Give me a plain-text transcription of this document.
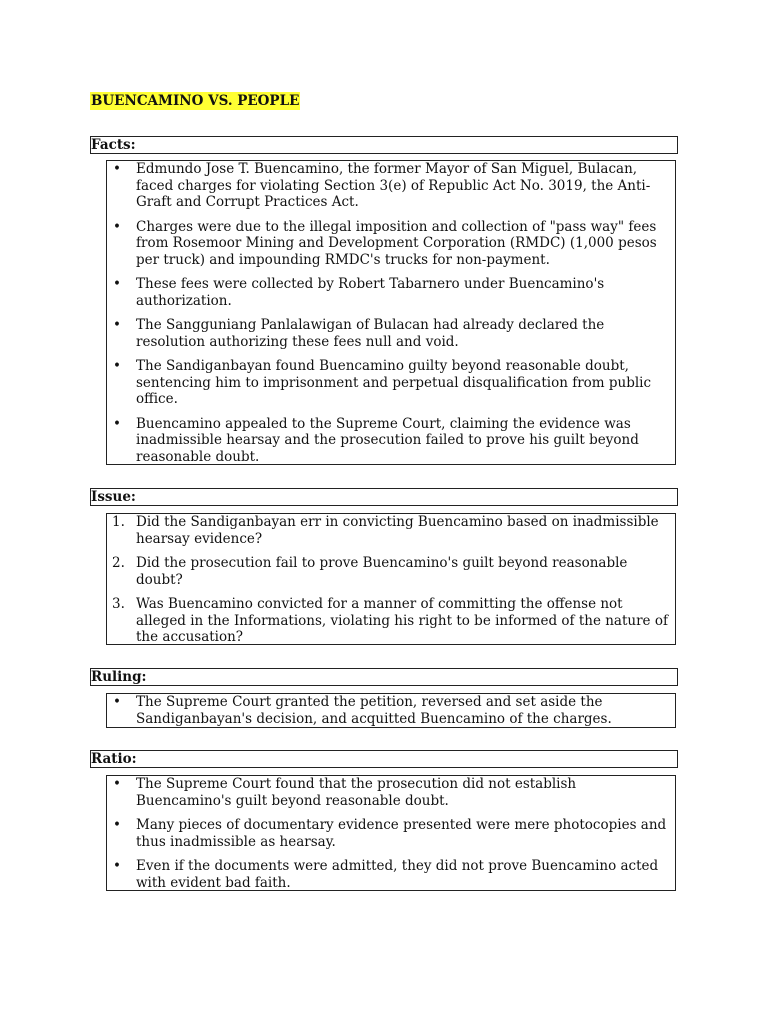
BUENCAMINO VS. PEOPLE
Facts:
•	Edmundo Jose T. Buencamino, the former Mayor of San Miguel, Bulacan, faced charges for violating Section 3(e) of Republic Act No. 3019, the Anti-Graft and Corrupt Practices Act.
•	Charges were due to the illegal imposition and collection of "pass way" fees from Rosemoor Mining and Development Corporation (RMDC) (1,000 pesos per truck) and impounding RMDC's trucks for non-payment.
•	These fees were collected by Robert Tabarnero under Buencamino's authorization.
•	The Sangguniang Panlalawigan of Bulacan had already declared the resolution authorizing these fees null and void.
•	The Sandiganbayan found Buencamino guilty beyond reasonable doubt, sentencing him to imprisonment and perpetual disqualification from public office.
•	Buencamino appealed to the Supreme Court, claiming the evidence was inadmissible hearsay and the prosecution failed to prove his guilt beyond reasonable doubt.
Issue:
1. Did the Sandiganbayan err in convicting Buencamino based on inadmissible hearsay evidence?
2. Did the prosecution fail to prove Buencamino's guilt beyond reasonable doubt?
3. Was Buencamino convicted for a manner of committing the offense not alleged in the Informations, violating his right to be informed of the nature of the accusation?
Ruling:
•	The Supreme Court granted the petition, reversed and set aside the Sandiganbayan's decision, and acquitted Buencamino of the charges.
Ratio:
•	The Supreme Court found that the prosecution did not establish Buencamino's guilt beyond reasonable doubt.
•	Many pieces of documentary evidence presented were mere photocopies and thus inadmissible as hearsay.
•	Even if the documents were admitted, they did not prove Buencamino acted with evident bad faith.
